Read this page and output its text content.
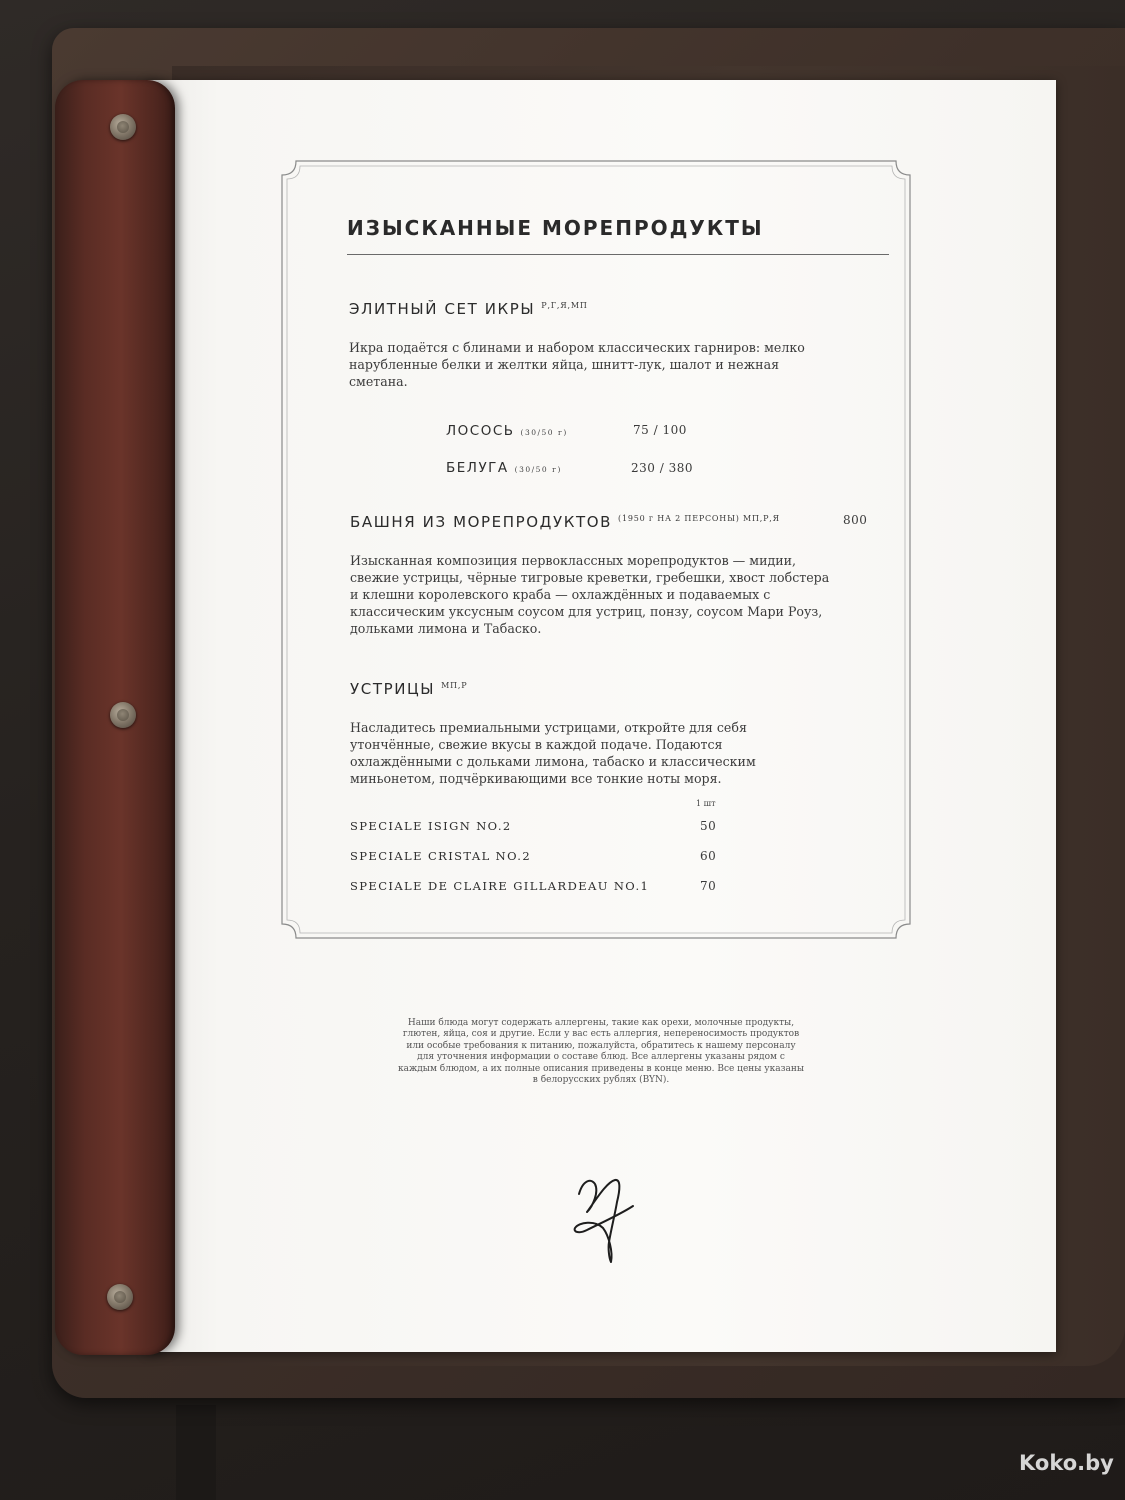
ИЗЫСКАННЫЕ МОРЕПРОДУКТЫ
ЭЛИТНЫЙ СЕТ ИКРЫ $^{Р,Г,Я,МП}$
Икра подаётся с блинами и набором классических гарниров: мелко нарубленные белки и желтки яйца, шнитт-лук, шалот и нежная сметана.
ЛОСОСЬ (30/50 г)	75 / 100
БЕЛУГА (30/50 г)	230 / 380
БАШНЯ ИЗ МОРЕПРОДУКТОВ $^{(1950 г НА 2 ПЕРСОНЫ) МП,Р,Я}$	800
Изысканная композиция первоклассных морепродуктов — мидии, свежие устрицы, чёрные тигровые креветки, гребешки, хвост лобстера и клешни королевского краба — охлаждённых и подаваемых с классическим уксусным соусом для устриц, понзу, соусом Мари Роуз, дольками лимона и Табаско.
УСТРИЦЫ $^{МП,Р}$
Насладитесь премиальными устрицами, откройте для себя утончённые, свежие вкусы в каждой подаче. Подаются охлаждёнными с дольками лимона, табаско и классическим миньонетом, подчёркивающими все тонкие ноты моря.
1 шт
SPECIALE ISIGN NO.2	50
SPECIALE CRISTAL NO.2	60
SPECIALE DE CLAIRE GILLARDEAU NO.1	70
Наши блюда могут содержать аллергены, такие как орехи, молочные продукты, глютен, яйца, соя и другие. Если у вас есть аллергия, непереносимость продуктов или особые требования к питанию, пожалуйста, обратитесь к нашему персоналу для уточнения информации о составе блюд. Все аллергены указаны рядом с каждым блюдом, а их полные описания приведены в конце меню. Все цены указаны в белорусских рублях (BYN).
Koko.by
